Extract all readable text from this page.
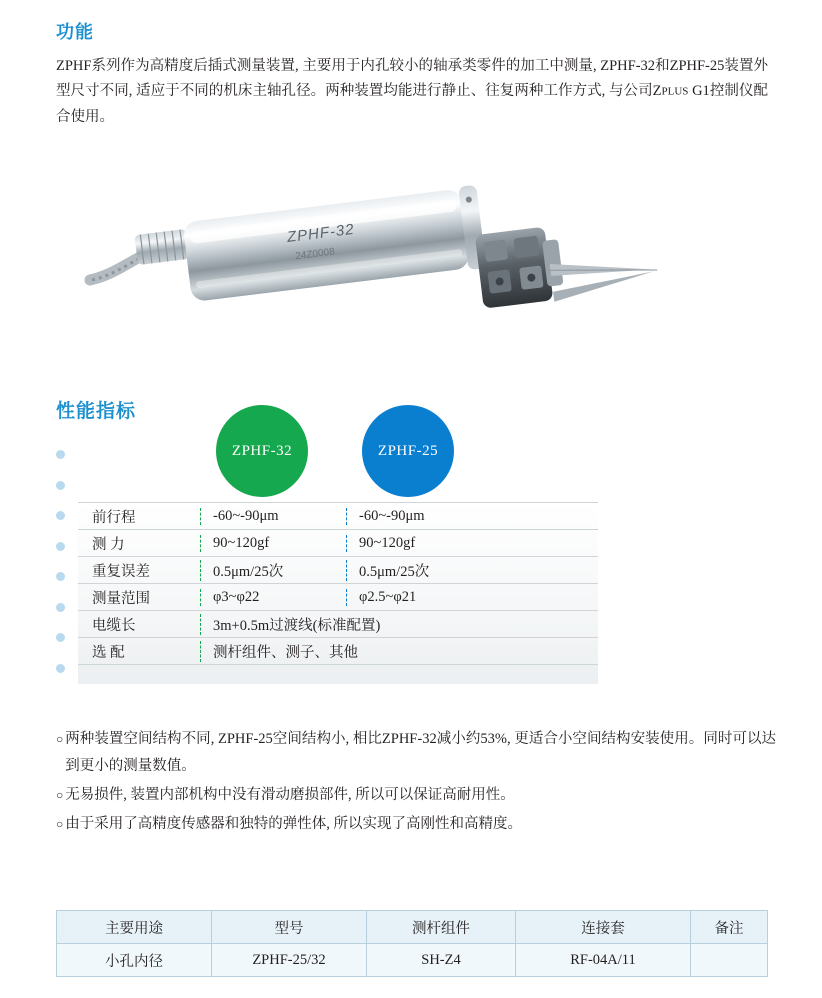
功能
ZPHF系列作为高精度后插式测量装置, 主要用于内孔较小的轴承类零件的加工中测量, ZPHF-32和ZPHF-25装置外型尺寸不同, 适应于不同的机床主轴孔径。两种装置均能进行静止、往复两种工作方式, 与公司ZPLUS G1控制仪配合使用。
ZPHF-32
24Z0008
性能指标
ZPHF-32	ZPHF-25
前行程	-60~-90μm	-60~-90μm
测 力	90~120gf	90~120gf
重复误差	0.5μm/25次	0.5μm/25次
测量范围	φ3~φ22	φ2.5~φ21
电缆长	3m+0.5m过渡线(标准配置)
选 配	测杆组件、测子、其他
○ 两种装置空间结构不同, ZPHF-25空间结构小, 相比ZPHF-32减小约53%, 更适合小空间结构安装使用。同时可以达到更小的测量数值。
○ 无易损件, 装置内部机构中没有滑动磨损部件, 所以可以保证高耐用性。
○ 由于采用了高精度传感器和独特的弹性体, 所以实现了高刚性和高精度。
主要用途	型号	测杆组件	连接套	备注
小孔内径	ZPHF-25/32	SH-Z4	RF-04A/11	
